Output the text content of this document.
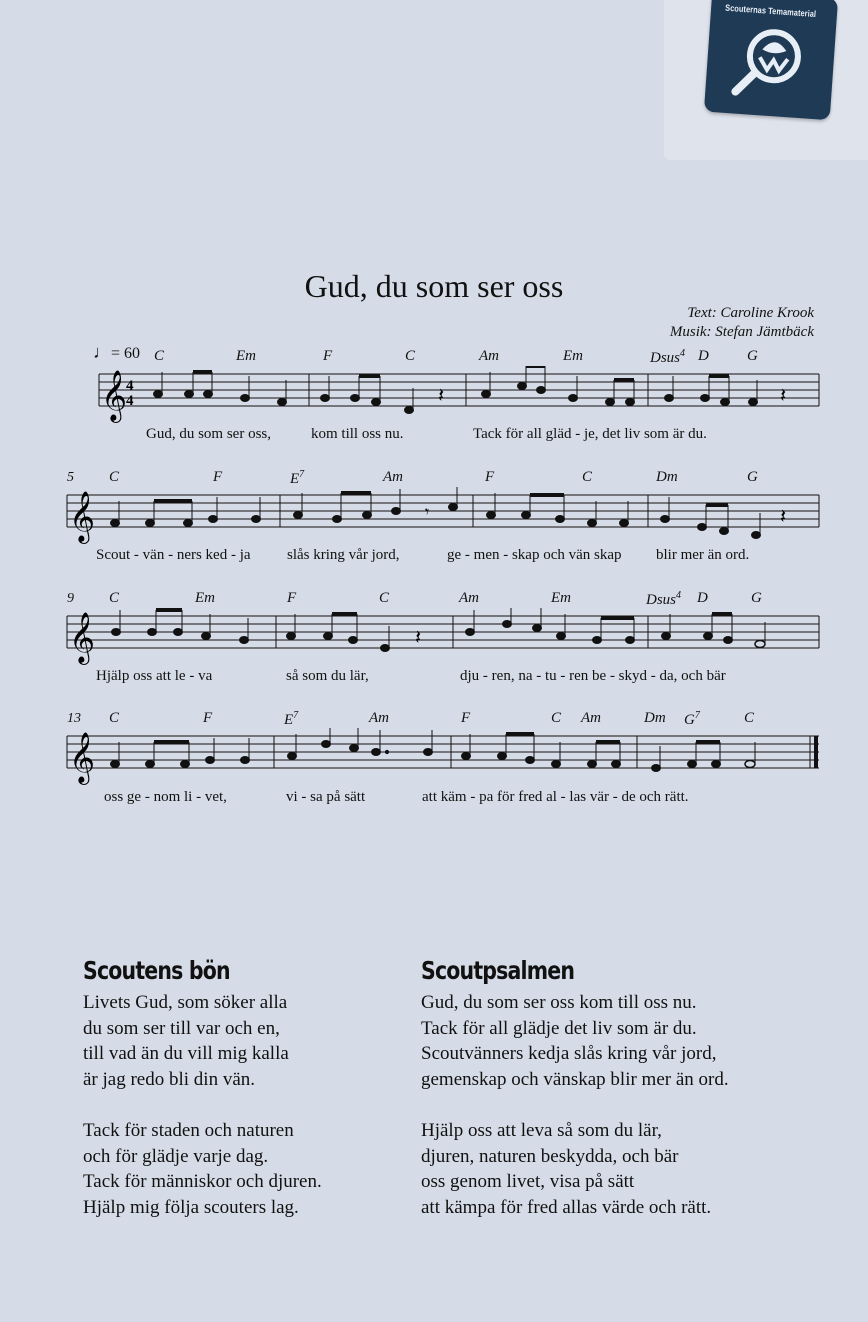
Scouternas Temamaterial
Gud, du som ser oss
Text: Caroline Krook
Musik: Stefan Jämtbäck
♩= 60
5
9
13
C	Em	F	C	Am	Em	Dsus$^4$ D	G
C	F	$E^7$	Am	F	C	Dm	G
C	Em	F	C	Am	Em	Dsus$^4$ D	G
C	F	$E^7$	Am	F	C Am	Dm $G^7$	C
𝄞
4
4	𝄽	𝄽
Gud, du som ser oss,	kom till oss nu.	Tack för all gläd - je, det liv som är du.
𝄞	𝄾	𝄽
Scout - vän - ners ked - ja slås kring vår jord,	ge - men - skap och vän skap blir mer än ord.
𝄞	𝄽
Hjälp oss att le - va	så som du lär,	dju - ren, na - tu - ren be - skyd - da, och bär
𝄞
oss ge - nom li - vet,	vi - sa på sätt	att käm - pa för fred al - las vär - de och rätt.
Scoutens bön
Livets Gud, som söker alla
du som ser till var och en,
till vad än du vill mig kalla
är jag redo bli din vän.
Tack för staden och naturen
och för glädje varje dag.
Tack för människor och djuren.
Hjälp mig följa scouters lag.
Scoutpsalmen
Gud, du som ser oss kom till oss nu.
Tack för all glädje det liv som är du.
Scoutvänners kedja slås kring vår jord,
gemenskap och vänskap blir mer än ord.
Hjälp oss att leva så som du lär,
djuren, naturen beskydda, och bär
oss genom livet, visa på sätt
att kämpa för fred allas värde och rätt.
